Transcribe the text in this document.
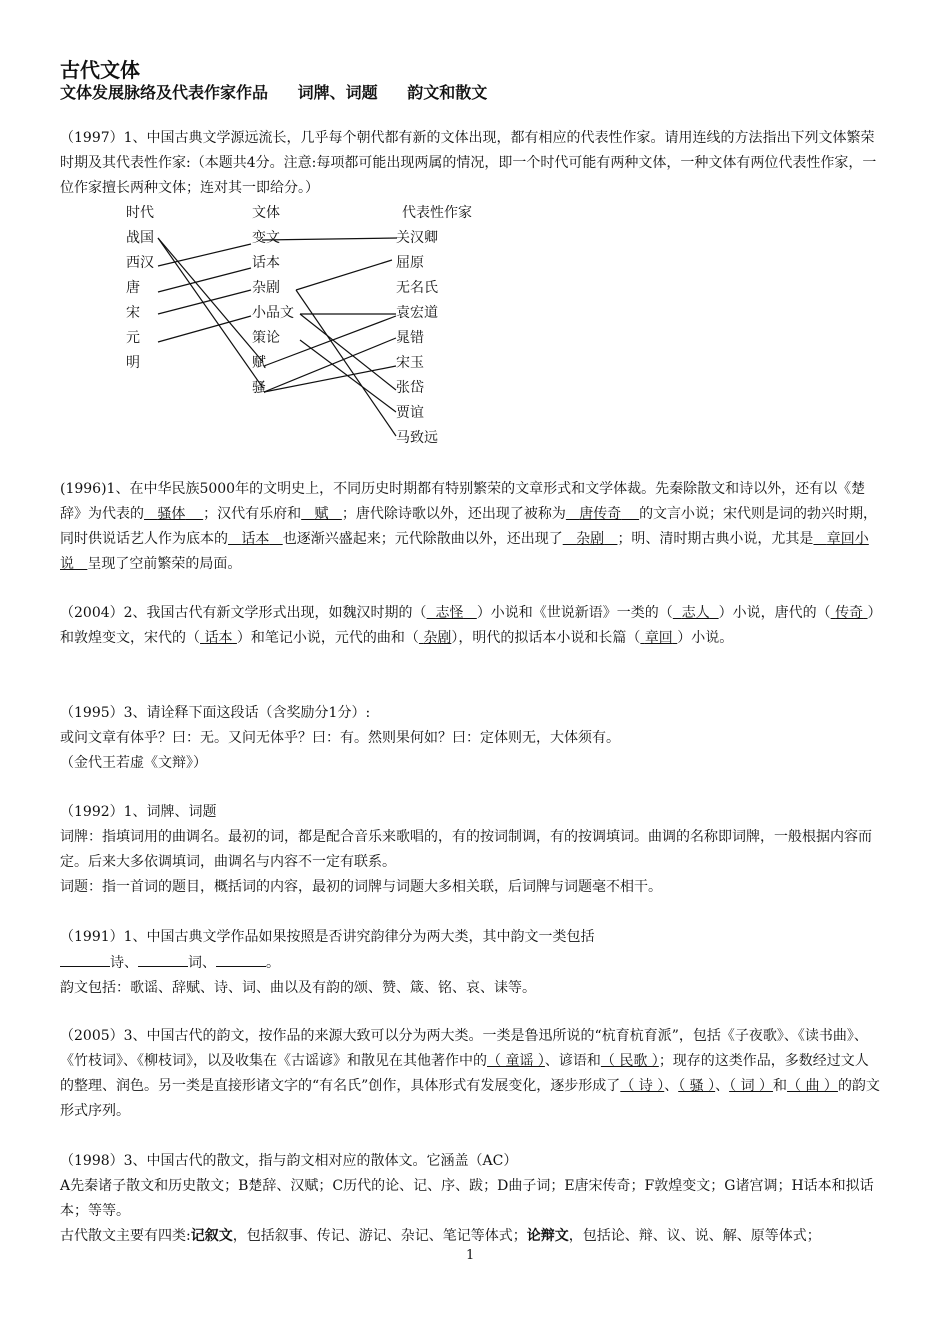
古代文体
文体发展脉络及代表作家作品 词牌、词题 韵文和散文
（1997）1、中国古典文学源远流长，几乎每个朝代都有新的文体出现，都有相应的代表性作家。请用连线的方法指出下列文体繁荣时期及其代表性作家:（本题共4分。注意:每项都可能出现两属的情况，即一个时代可能有两种文体，一种文体有两位代表性作家，一位作家擅长两种文体；连对其一即给分。）
时代
战国
西汉
唐
宋
元
明
文体
变文
话本
杂剧
小品文
策论
赋
骚
代表性作家
关汉卿
屈原
无名氏
袁宏道
晁错
宋玉
张岱
贾谊
马致远
(1996)1、在中华民族5000年的文明史上，不同历史时期都有特别繁荣的文章形式和文学体裁。先秦除散文和诗以外，还有以《楚辞》为代表的 骚体 ；汉代有乐府和 赋 ；唐代除诗歌以外，还出现了被称为 唐传奇 的文言小说；宋代则是词的勃兴时期，同时供说话艺人作为底本的 话本 也逐渐兴盛起来；元代除散曲以外，还出现了 杂剧 ；明、清时期古典小说，尤其是 章回小说 呈现了空前繁荣的局面。
（2004）2、我国古代有新文学形式出现，如魏汉时期的（ 志怪 ）小说和《世说新语》一类的（ 志人 ）小说，唐代的（ 传奇 ）和敦煌变文，宋代的（ 话本 ）和笔记小说，元代的曲和（ 杂剧），明代的拟话本小说和长篇（ 章回 ）小说。
（1995）3、请诠释下面这段话（含奖励分1分）:
或问文章有体乎？曰：无。又问无体乎？曰：有。然则果何如？曰：定体则无，大体须有。
（金代王若虚《文辩》）
（1992）1、词牌、词题
词牌：指填词用的曲调名。最初的词，都是配合音乐来歌唱的，有的按词制调，有的按调填词。曲调的名称即词牌，一般根据内容而定。后来大多依调填词，曲调名与内容不一定有联系。
词题：指一首词的题目，概括词的内容，最初的词牌与词题大多相关联，后词牌与词题毫不相干。
（1991）1、中国古典文学作品如果按照是否讲究韵律分为两大类，其中韵文一类包括
诗、	词、	。
韵文包括：歌谣、辞赋、诗、词、曲以及有韵的颂、赞、箴、铭、哀、诔等。
（2005）3、中国古代的韵文，按作品的来源大致可以分为两大类。一类是鲁迅所说的“杭育杭育派”，包括《子夜歌》、《读书曲》、《竹枝词》、《柳枝词》，以及收集在《古谣谚》和散见在其他著作中的（ 童谣 ）、谚语和（ 民歌 ）；现存的这类作品，多数经过文人的整理、润色。另一类是直接形诸文字的“有名氏”创作，具体形式有发展变化，逐步形成了（ 诗 ）、（ 骚 ）、（ 词 ）和（ 曲 ）的韵文形式序列。
（1998）3、中国古代的散文，指与韵文相对应的散体文。它涵盖（AC）
A先秦诸子散文和历史散文；B楚辞、汉赋；C历代的论、记、序、跋；D曲子词；E唐宋传奇；F敦煌变文；G诸宫调；H话本和拟话本；等等。
古代散文主要有四类:记叙文，包括叙事、传记、游记、杂记、笔记等体式；论辩文，包括论、辩、议、说、解、原等体式；
1
